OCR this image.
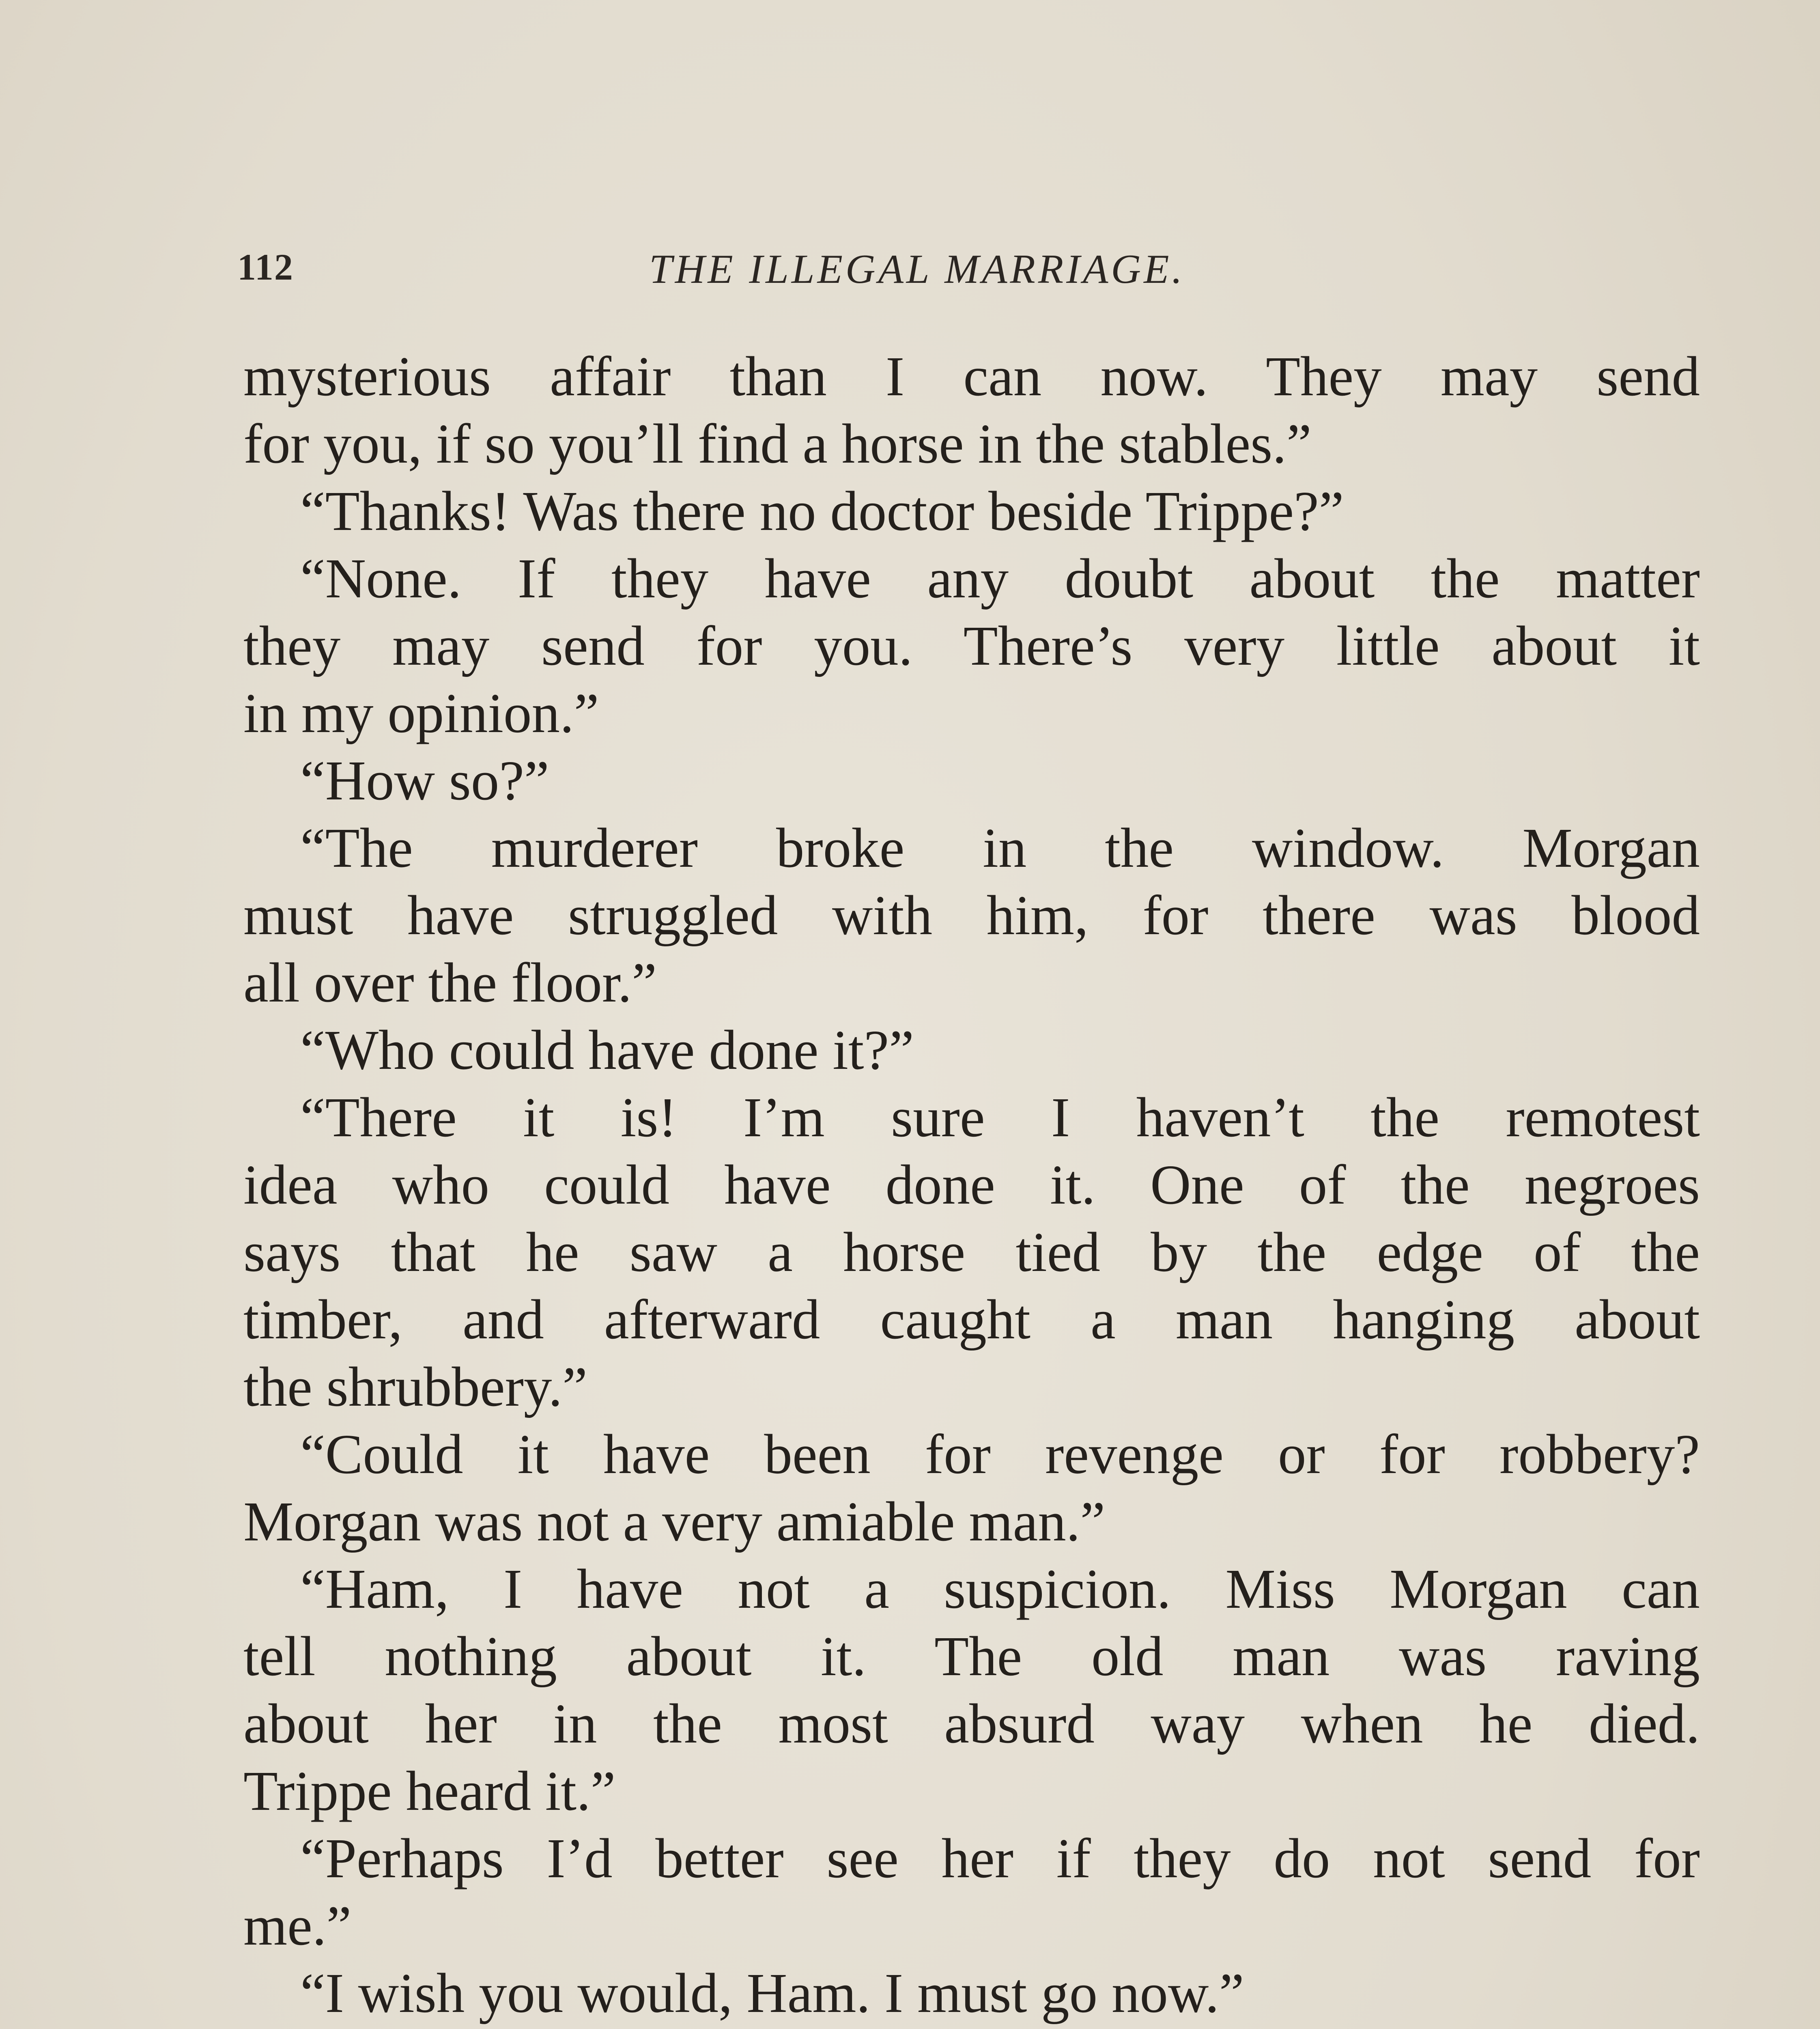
112	THE ILLEGAL MARRIAGE.
mysterious affair than I can now. They may send
for you, if so you’ll find a horse in the stables.”
“Thanks! Was there no doctor beside Trippe?”
“None. If they have any doubt about the matter
they may send for you. There’s very little about it
in my opinion.”
“How so?”
“The murderer broke in the window. Morgan
must have struggled with him, for there was blood
all over the floor.”
“Who could have done it?”
“There it is! I’m sure I haven’t the remotest
idea who could have done it. One of the negroes
says that he saw a horse tied by the edge of the
timber, and afterward caught a man hanging about
the shrubbery.”
“Could it have been for revenge or for robbery?
Morgan was not a very amiable man.”
“Ham, I have not a suspicion. Miss Morgan can
tell nothing about it. The old man was raving
about her in the most absurd way when he died.
Trippe heard it.”
“Perhaps I’d better see her if they do not send for
me.”
“I wish you would, Ham. I must go now.”
